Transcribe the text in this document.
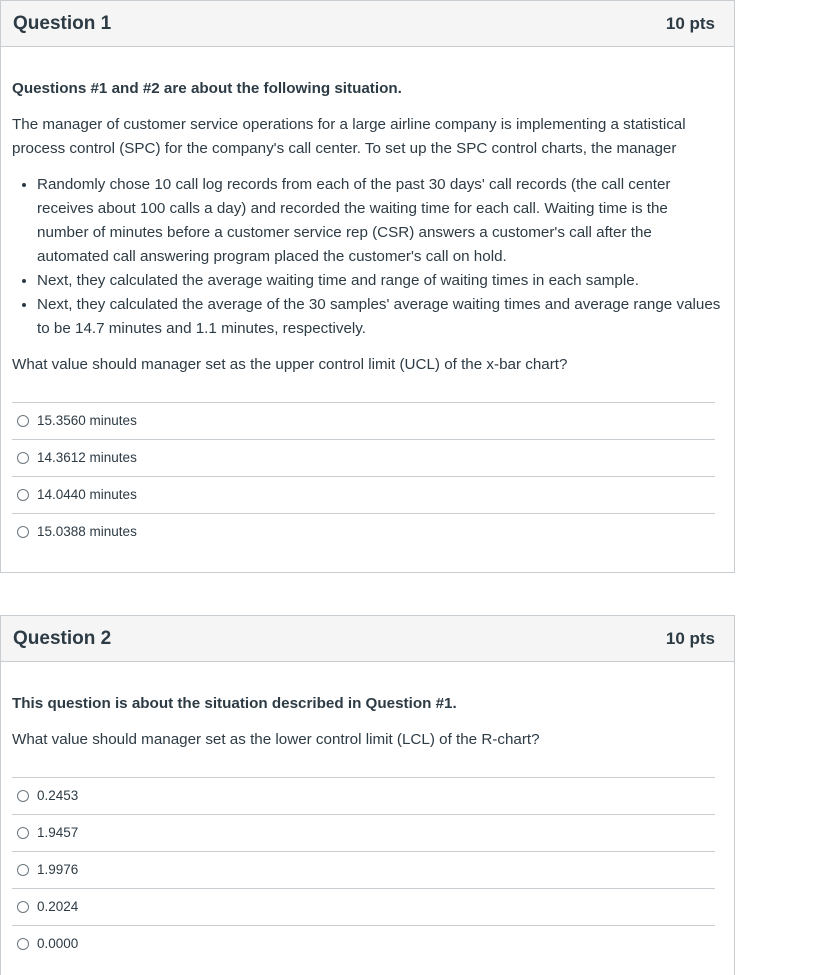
Question 1	10 pts

Questions #1 and #2 are about the following situation.

The manager of customer service operations for a large airline company is implementing a statistical process control (SPC) for the company's call center. To set up the SPC control charts, the manager

• Randomly chose 10 call log records from each of the past 30 days' call records (the call center receives about 100 calls a day) and recorded the waiting time for each call. Waiting time is the number of minutes before a customer service rep (CSR) answers a customer's call after the automated call answering program placed the customer's call on hold.
• Next, they calculated the average waiting time and range of waiting times in each sample.
• Next, they calculated the average of the 30 samples' average waiting times and average range values to be 14.7 minutes and 1.1 minutes, respectively.

What value should manager set as the upper control limit (UCL) of the x-bar chart?

15.3560 minutes
14.3612 minutes
14.0440 minutes
15.0388 minutes
Question 2	10 pts

This question is about the situation described in Question #1.

What value should manager set as the lower control limit (LCL) of the R-chart?

0.2453
1.9457
1.9976
0.2024
0.0000
